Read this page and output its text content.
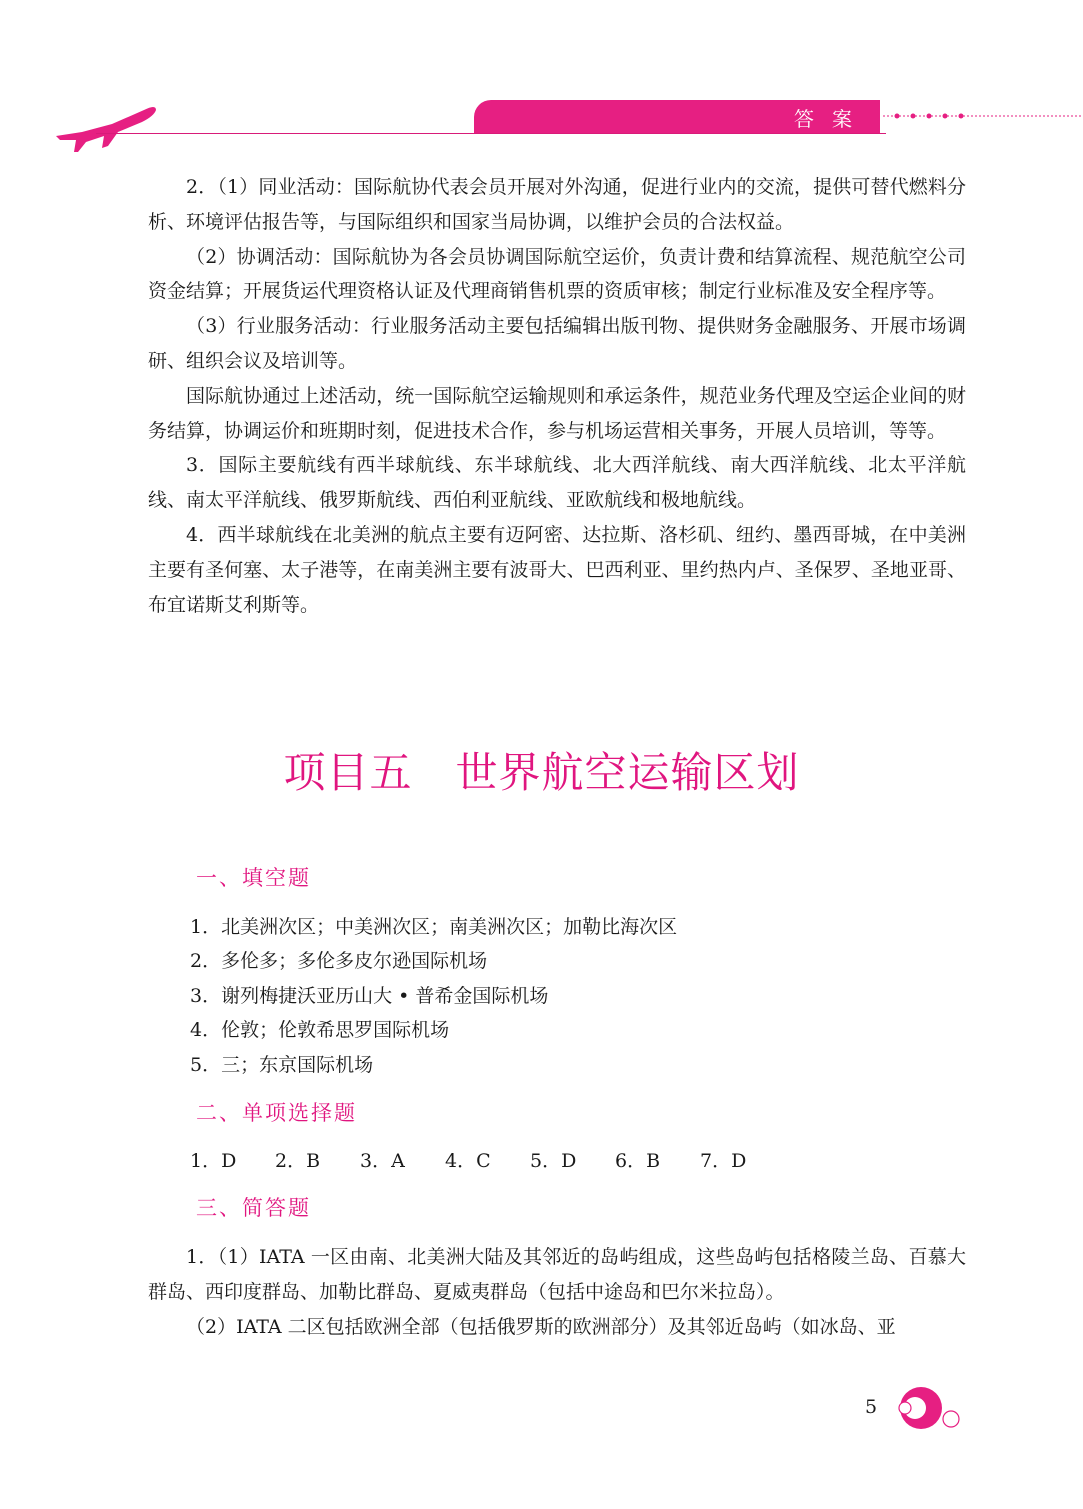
答案

2．（1）同业活动：国际航协代表会员开展对外沟通，促进行业内的交流，提供可替代燃料分析、环境评估报告等，与国际组织和国家当局协调，以维护会员的合法权益。

（2）协调活动：国际航协为各会员协调国际航空运价，负责计费和结算流程、规范航空公司资金结算；开展货运代理资格认证及代理商销售机票的资质审核；制定行业标准及安全程序等。

（3）行业服务活动：行业服务活动主要包括编辑出版刊物、提供财务金融服务、开展市场调研、组织会议及培训等。

国际航协通过上述活动，统一国际航空运输规则和承运条件，规范业务代理及空运企业间的财务结算，协调运价和班期时刻，促进技术合作，参与机场运营相关事务，开展人员培训，等等。

3．国际主要航线有西半球航线、东半球航线、北大西洋航线、南大西洋航线、北太平洋航线、南太平洋航线、俄罗斯航线、西伯利亚航线、亚欧航线和极地航线。

4．西半球航线在北美洲的航点主要有迈阿密、达拉斯、洛杉矶、纽约、墨西哥城，在中美洲主要有圣何塞、太子港等，在南美洲主要有波哥大、巴西利亚、里约热内卢、圣保罗、圣地亚哥、布宜诺斯艾利斯等。

项目五　世界航空运输区划
一、填空题
1．北美洲次区；中美洲次区；南美洲次区；加勒比海次区
2．多伦多；多伦多皮尔逊国际机场
3．谢列梅捷沃亚历山大 • 普希金国际机场
4．伦敦；伦敦希思罗国际机场
5．三；东京国际机场
二、单项选择题
1．D	2．B	3．A	4．C	5．D	6．B	7．D
三、简答题

1．（1）IATA 一区由南、北美洲大陆及其邻近的岛屿组成，这些岛屿包括格陵兰岛、百慕大群岛、西印度群岛、加勒比群岛、夏威夷群岛（包括中途岛和巴尔米拉岛）。

（2）IATA 二区包括欧洲全部（包括俄罗斯的欧洲部分）及其邻近岛屿（如冰岛、亚

5
